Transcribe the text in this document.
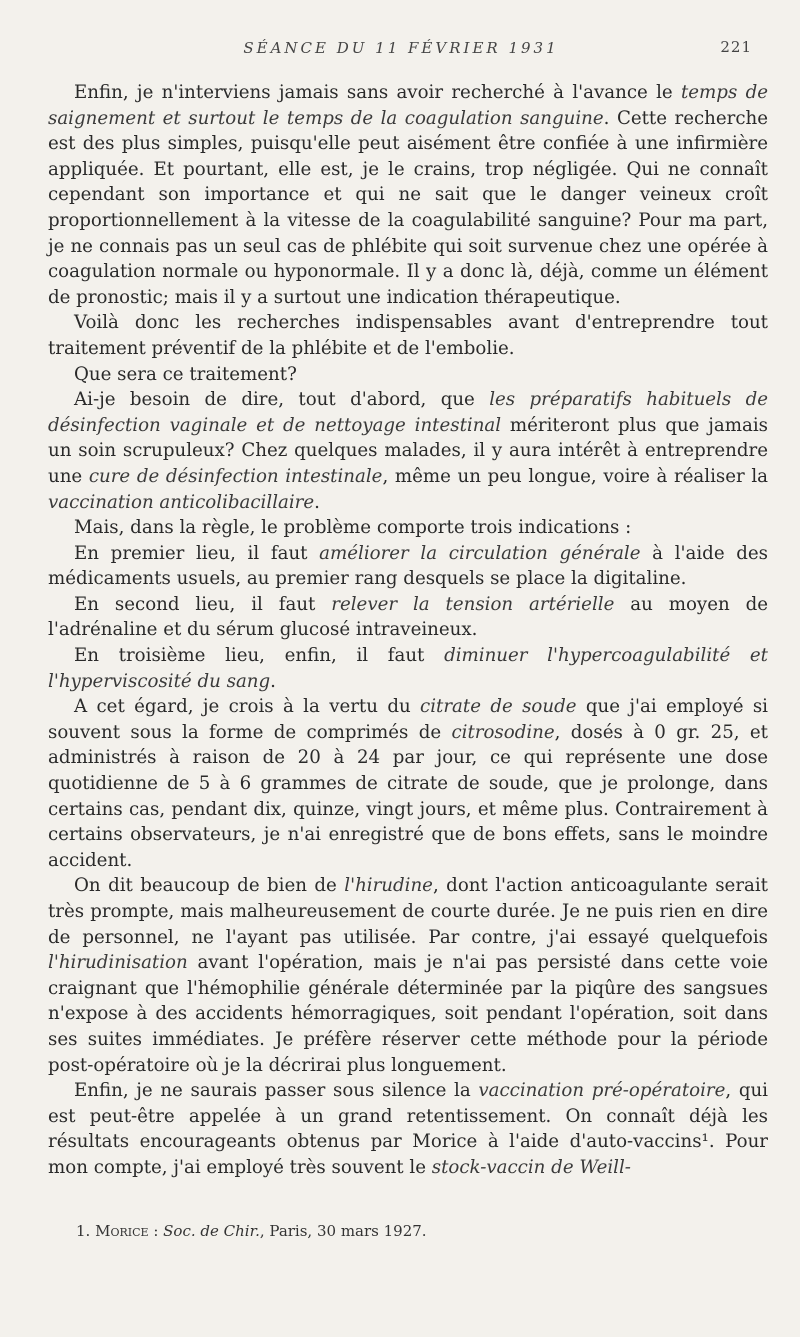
SÉANCE DU 11 FÉVRIER 1931	221

Enfin, je n'interviens jamais sans avoir recherché à l'avance le temps de saignement et surtout le temps de la coagulation sanguine. Cette recherche est des plus simples, puisqu'elle peut aisément être confiée à une infirmière appliquée. Et pourtant, elle est, je le crains, trop négligée. Qui ne connaît cependant son importance et qui ne sait que le danger veineux croît proportionnellement à la vitesse de la coagulabilité sanguine? Pour ma part, je ne connais pas un seul cas de phlébite qui soit survenue chez une opérée à coagulation normale ou hyponormale. Il y a donc là, déjà, comme un élément de pronostic; mais il y a surtout une indication thérapeutique.

Voilà donc les recherches indispensables avant d'entreprendre tout traitement préventif de la phlébite et de l'embolie.

Que sera ce traitement?

Ai-je besoin de dire, tout d'abord, que les préparatifs habituels de désinfection vaginale et de nettoyage intestinal mériteront plus que jamais un soin scrupuleux? Chez quelques malades, il y aura intérêt à entreprendre une cure de désinfection intestinale, même un peu longue, voire à réaliser la vaccination anticolibacillaire.

Mais, dans la règle, le problème comporte trois indications :

En premier lieu, il faut améliorer la circulation générale à l'aide des médicaments usuels, au premier rang desquels se place la digitaline.

En second lieu, il faut relever la tension artérielle au moyen de l'adrénaline et du sérum glucosé intraveineux.

En troisième lieu, enfin, il faut diminuer l'hypercoagulabilité et l'hyperviscosité du sang.

A cet égard, je crois à la vertu du citrate de soude que j'ai employé si souvent sous la forme de comprimés de citrosodine, dosés à 0 gr. 25, et administrés à raison de 20 à 24 par jour, ce qui représente une dose quotidienne de 5 à 6 grammes de citrate de soude, que je prolonge, dans certains cas, pendant dix, quinze, vingt jours, et même plus. Contrairement à certains observateurs, je n'ai enregistré que de bons effets, sans le moindre accident.

On dit beaucoup de bien de l'hirudine, dont l'action anticoagulante serait très prompte, mais malheureusement de courte durée. Je ne puis rien en dire de personnel, ne l'ayant pas utilisée. Par contre, j'ai essayé quelquefois l'hirudinisation avant l'opération, mais je n'ai pas persisté dans cette voie craignant que l'hémophilie générale déterminée par la piqûre des sangsues n'expose à des accidents hémorragiques, soit pendant l'opération, soit dans ses suites immédiates. Je préfère réserver cette méthode pour la période post-opératoire où je la décrirai plus longuement.

Enfin, je ne saurais passer sous silence la vaccination pré-opératoire, qui est peut-être appelée à un grand retentissement. On connaît déjà les résultats encourageants obtenus par Morice à l'aide d'auto-vaccins¹. Pour mon compte, j'ai employé très souvent le stock-vaccin de Weill-

1. Morice : Soc. de Chir., Paris, 30 mars 1927.
